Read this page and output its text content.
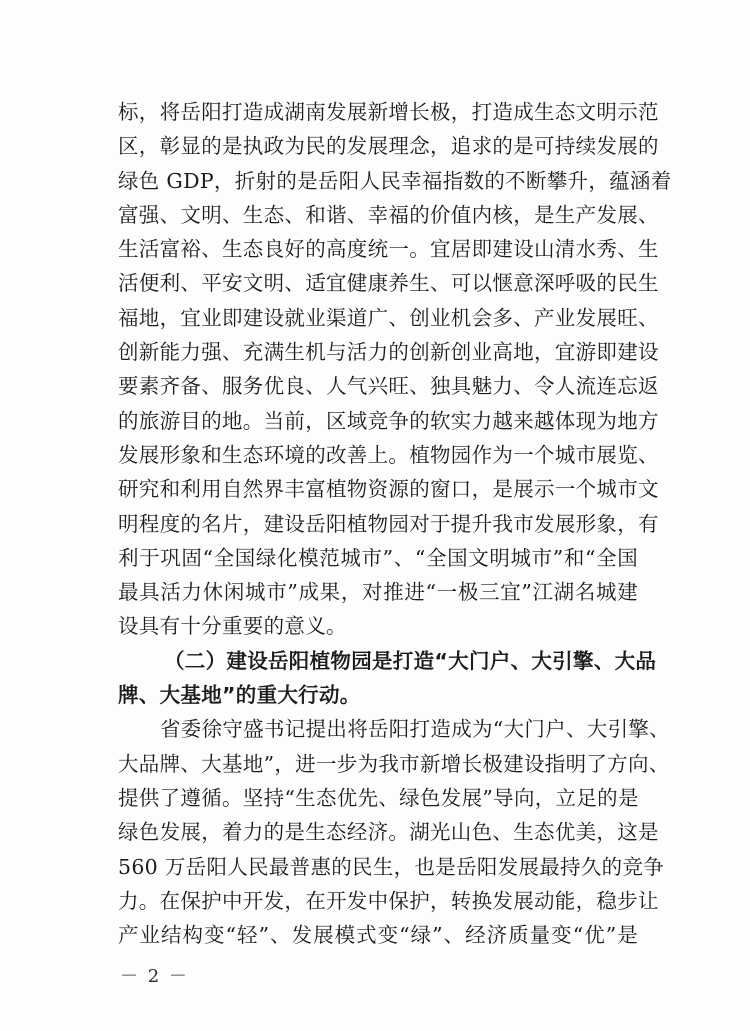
标，将岳阳打造成湖南发展新增长极，打造成生态文明示范
区，彰显的是执政为民的发展理念，追求的是可持续发展的
绿色 GDP，折射的是岳阳人民幸福指数的不断攀升，蕴涵着
富强、文明、生态、和谐、幸福的价值内核，是生产发展、
生活富裕、生态良好的高度统一。宜居即建设山清水秀、生
活便利、平安文明、适宜健康养生、可以惬意深呼吸的民生
福地，宜业即建设就业渠道广、创业机会多、产业发展旺、
创新能力强、充满生机与活力的创新创业高地，宜游即建设
要素齐备、服务优良、人气兴旺、独具魅力、令人流连忘返
的旅游目的地。当前，区域竞争的软实力越来越体现为地方
发展形象和生态环境的改善上。植物园作为一个城市展览、
研究和利用自然界丰富植物资源的窗口，是展示一个城市文
明程度的名片，建设岳阳植物园对于提升我市发展形象，有
利于巩固“全国绿化模范城市”、“全国文明城市”和“全国
最具活力休闲城市”成果，对推进“一极三宜”江湖名城建
设具有十分重要的意义。
（二）建设岳阳植物园是打造“大门户、大引擎、大品
牌、大基地”的重大行动。
省委徐守盛书记提出将岳阳打造成为“大门户、大引擎、
大品牌、大基地”，进一步为我市新增长极建设指明了方向、
提供了遵循。坚持“生态优先、绿色发展”导向，立足的是
绿色发展，着力的是生态经济。湖光山色、生态优美，这是
560 万岳阳人民最普惠的民生，也是岳阳发展最持久的竞争
力。在保护中开发，在开发中保护，转换发展动能，稳步让
产业结构变“轻”、发展模式变“绿”、经济质量变“优”是
－ 2 －
